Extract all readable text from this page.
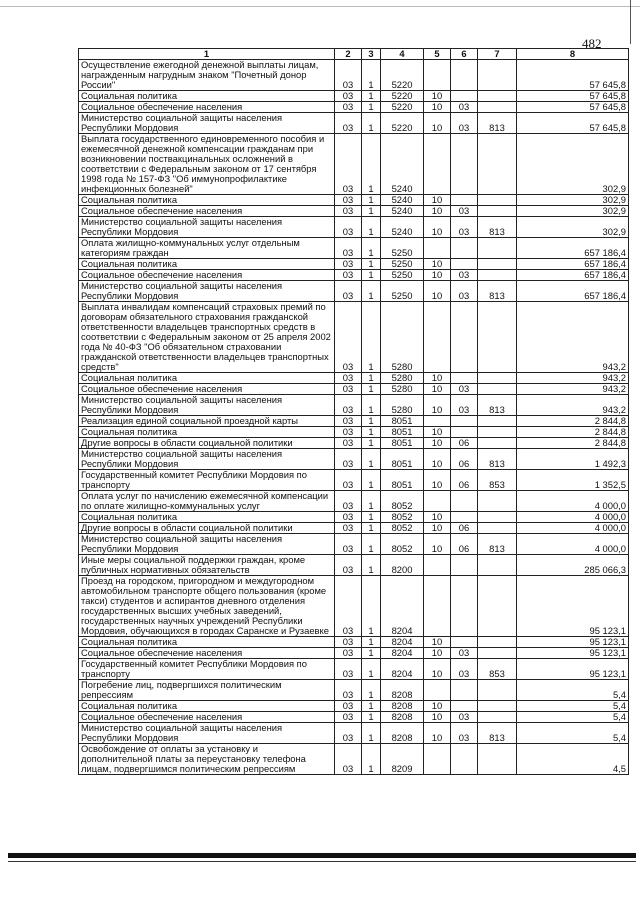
482
1	2	3	4	5	6	7	8
Осуществление ежегодной денежной выплаты лицам, награжденным нагрудным знаком "Почетный донор России"	03	1	5220				57 645,8
Социальная политика	03	1	5220	10			57 645,8
Социальное обеспечение населения	03	1	5220	10	03		57 645,8
Министерство социальной защиты населения Республики Мордовия	03	1	5220	10	03	813	57 645,8
Выплата государственного единовременного пособия и ежемесячной денежной компенсации гражданам при возникновении поствакцинальных осложнений в соответствии с Федеральным законом от 17 сентября 1998 года № 157-ФЗ "Об иммунопрофилактике инфекционных болезней"	03	1	5240				302,9
Социальная политика	03	1	5240	10			302,9
Социальное обеспечение населения	03	1	5240	10	03		302,9
Министерство социальной защиты населения Республики Мордовия	03	1	5240	10	03	813	302,9
Оплата жилищно-коммунальных услуг отдельным категориям граждан	03	1	5250				657 186,4
Социальная политика	03	1	5250	10			657 186,4
Социальное обеспечение населения	03	1	5250	10	03		657 186,4
Министерство социальной защиты населения Республики Мордовия	03	1	5250	10	03	813	657 186,4
Выплата инвалидам компенсаций страховых премий по договорам обязательного страхования гражданской ответственности владельцев транспортных средств в соответствии с Федеральным законом от 25 апреля 2002 года № 40-ФЗ "Об обязательном страховании гражданской ответственности владельцев транспортных средств"	03	1	5280				943,2
Социальная политика	03	1	5280	10			943,2
Социальное обеспечение населения	03	1	5280	10	03		943,2
Министерство социальной защиты населения Республики Мордовия	03	1	5280	10	03	813	943,2
Реализация единой социальной проездной карты	03	1	8051				2 844,8
Социальная политика	03	1	8051	10			2 844,8
Другие вопросы в области социальной политики	03	1	8051	10	06		2 844,8
Министерство социальной защиты населения Республики Мордовия	03	1	8051	10	06	813	1 492,3
Государственный комитет Республики Мордовия по транспорту	03	1	8051	10	06	853	1 352,5
Оплата услуг по начислению ежемесячной компенсации по оплате жилищно-коммунальных услуг	03	1	8052				4 000,0
Социальная политика	03	1	8052	10			4 000,0
Другие вопросы в области социальной политики	03	1	8052	10	06		4 000,0
Министерство социальной защиты населения Республики Мордовия	03	1	8052	10	06	813	4 000,0
Иные меры социальной поддержки граждан, кроме публичных нормативных обязательств	03	1	8200				285 066,3
Проезд на городском, пригородном и междугородном автомобильном транспорте общего пользования (кроме такси) студентов и аспирантов дневного отделения государственных высших учебных заведений, государственных научных учреждений Республики Мордовия, обучающихся в городах Саранске и Рузаевке	03	1	8204				95 123,1
Социальная политика	03	1	8204	10			95 123,1
Социальное обеспечение населения	03	1	8204	10	03		95 123,1
Государственный комитет Республики Мордовия по транспорту	03	1	8204	10	03	853	95 123,1
Погребение лиц, подвергшихся политическим репрессиям	03	1	8208				5,4
Социальная политика	03	1	8208	10			5,4
Социальное обеспечение населения	03	1	8208	10	03		5,4
Министерство социальной защиты населения Республики Мордовия	03	1	8208	10	03	813	5,4
Освобождение от оплаты за установку и дополнительной платы за переустановку телефона лицам, подвергшимся политическим репрессиям	03	1	8209				4,5
